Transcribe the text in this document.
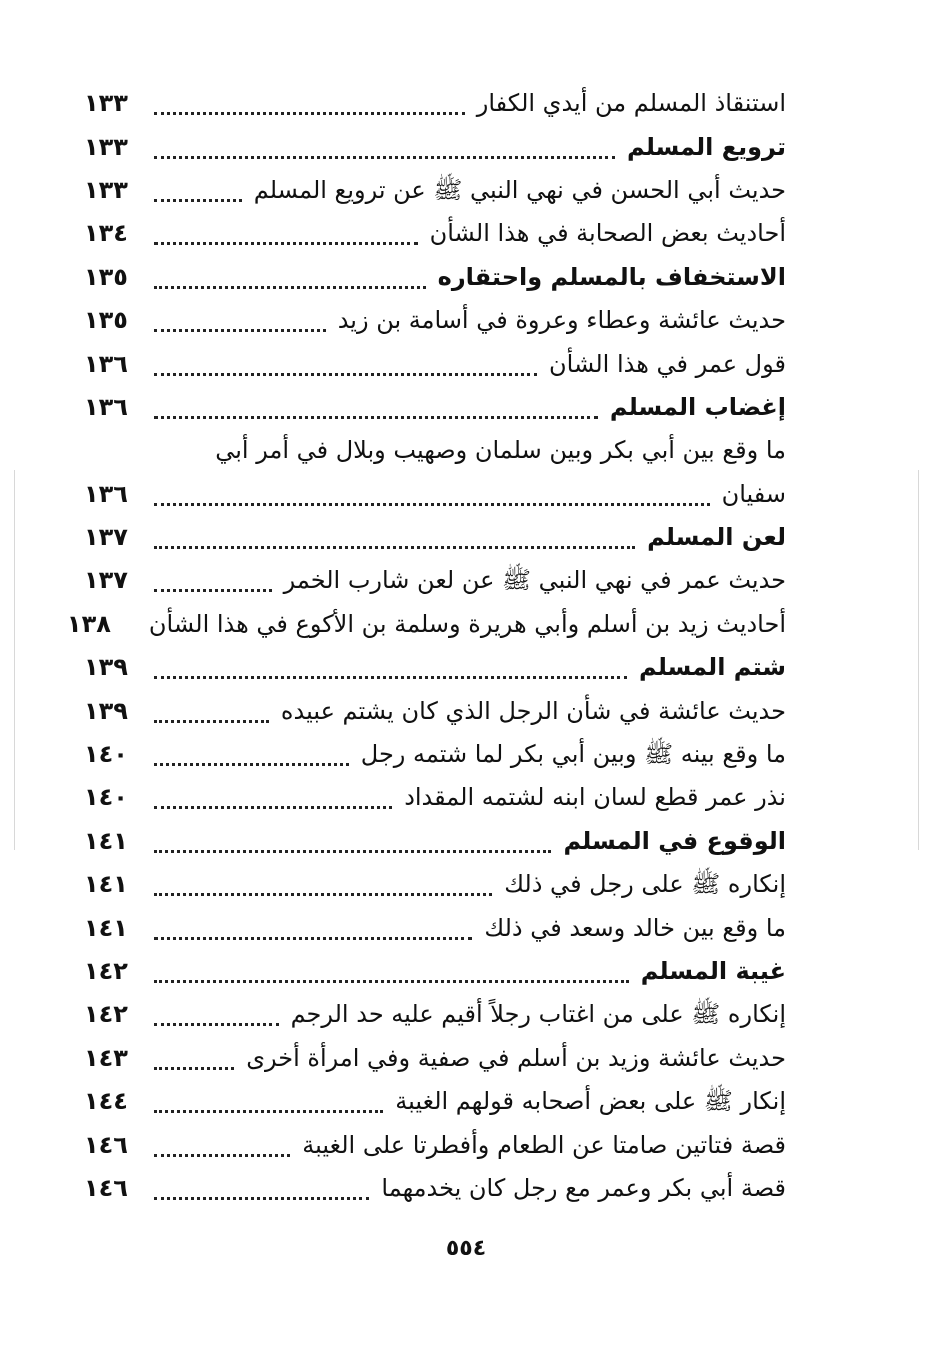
استنقاذ المسلم من أيدي الكفار
١٣٣
ترويع المسلم
١٣٣
حديث أبي الحسن في نهي النبي ﷺ عن ترويع المسلم
١٣٣
أحاديث بعض الصحابة في هذا الشأن
١٣٤
الاستخفاف بالمسلم واحتقاره
١٣٥
حديث عائشة وعطاء وعروة في أسامة بن زيد
١٣٥
قول عمر في هذا الشأن
١٣٦
إغضاب المسلم
١٣٦
ما وقع بين أبي بكر وبين سلمان وصهيب وبلال في أمر أبي
سفيان
١٣٦
لعن المسلم
١٣٧
حديث عمر في نهي النبي ﷺ عن لعن شارب الخمر
١٣٧
أحاديث زيد بن أسلم وأبي هريرة وسلمة بن الأكوع في هذا الشأن
١٣٨
شتم المسلم
١٣٩
حديث عائشة في شأن الرجل الذي كان يشتم عبيده
١٣٩
ما وقع بينه ﷺ وبين أبي بكر لما شتمه رجل
١٤٠
نذر عمر قطع لسان ابنه لشتمه المقداد
١٤٠
الوقوع في المسلم
١٤١
إنكاره ﷺ على رجل في ذلك
١٤١
ما وقع بين خالد وسعد في ذلك
١٤١
غيبة المسلم
١٤٢
إنكاره ﷺ على من اغتاب رجلاً أقيم عليه حد الرجم
١٤٢
حديث عائشة وزيد بن أسلم في صفية وفي امرأة أخرى
١٤٣
إنكار ﷺ على بعض أصحابه قولهم الغيبة
١٤٤
قصة فتاتين صامتا عن الطعام وأفطرتا على الغيبة
١٤٦
قصة أبي بكر وعمر مع رجل كان يخدمهما
١٤٦
٥٥٤
